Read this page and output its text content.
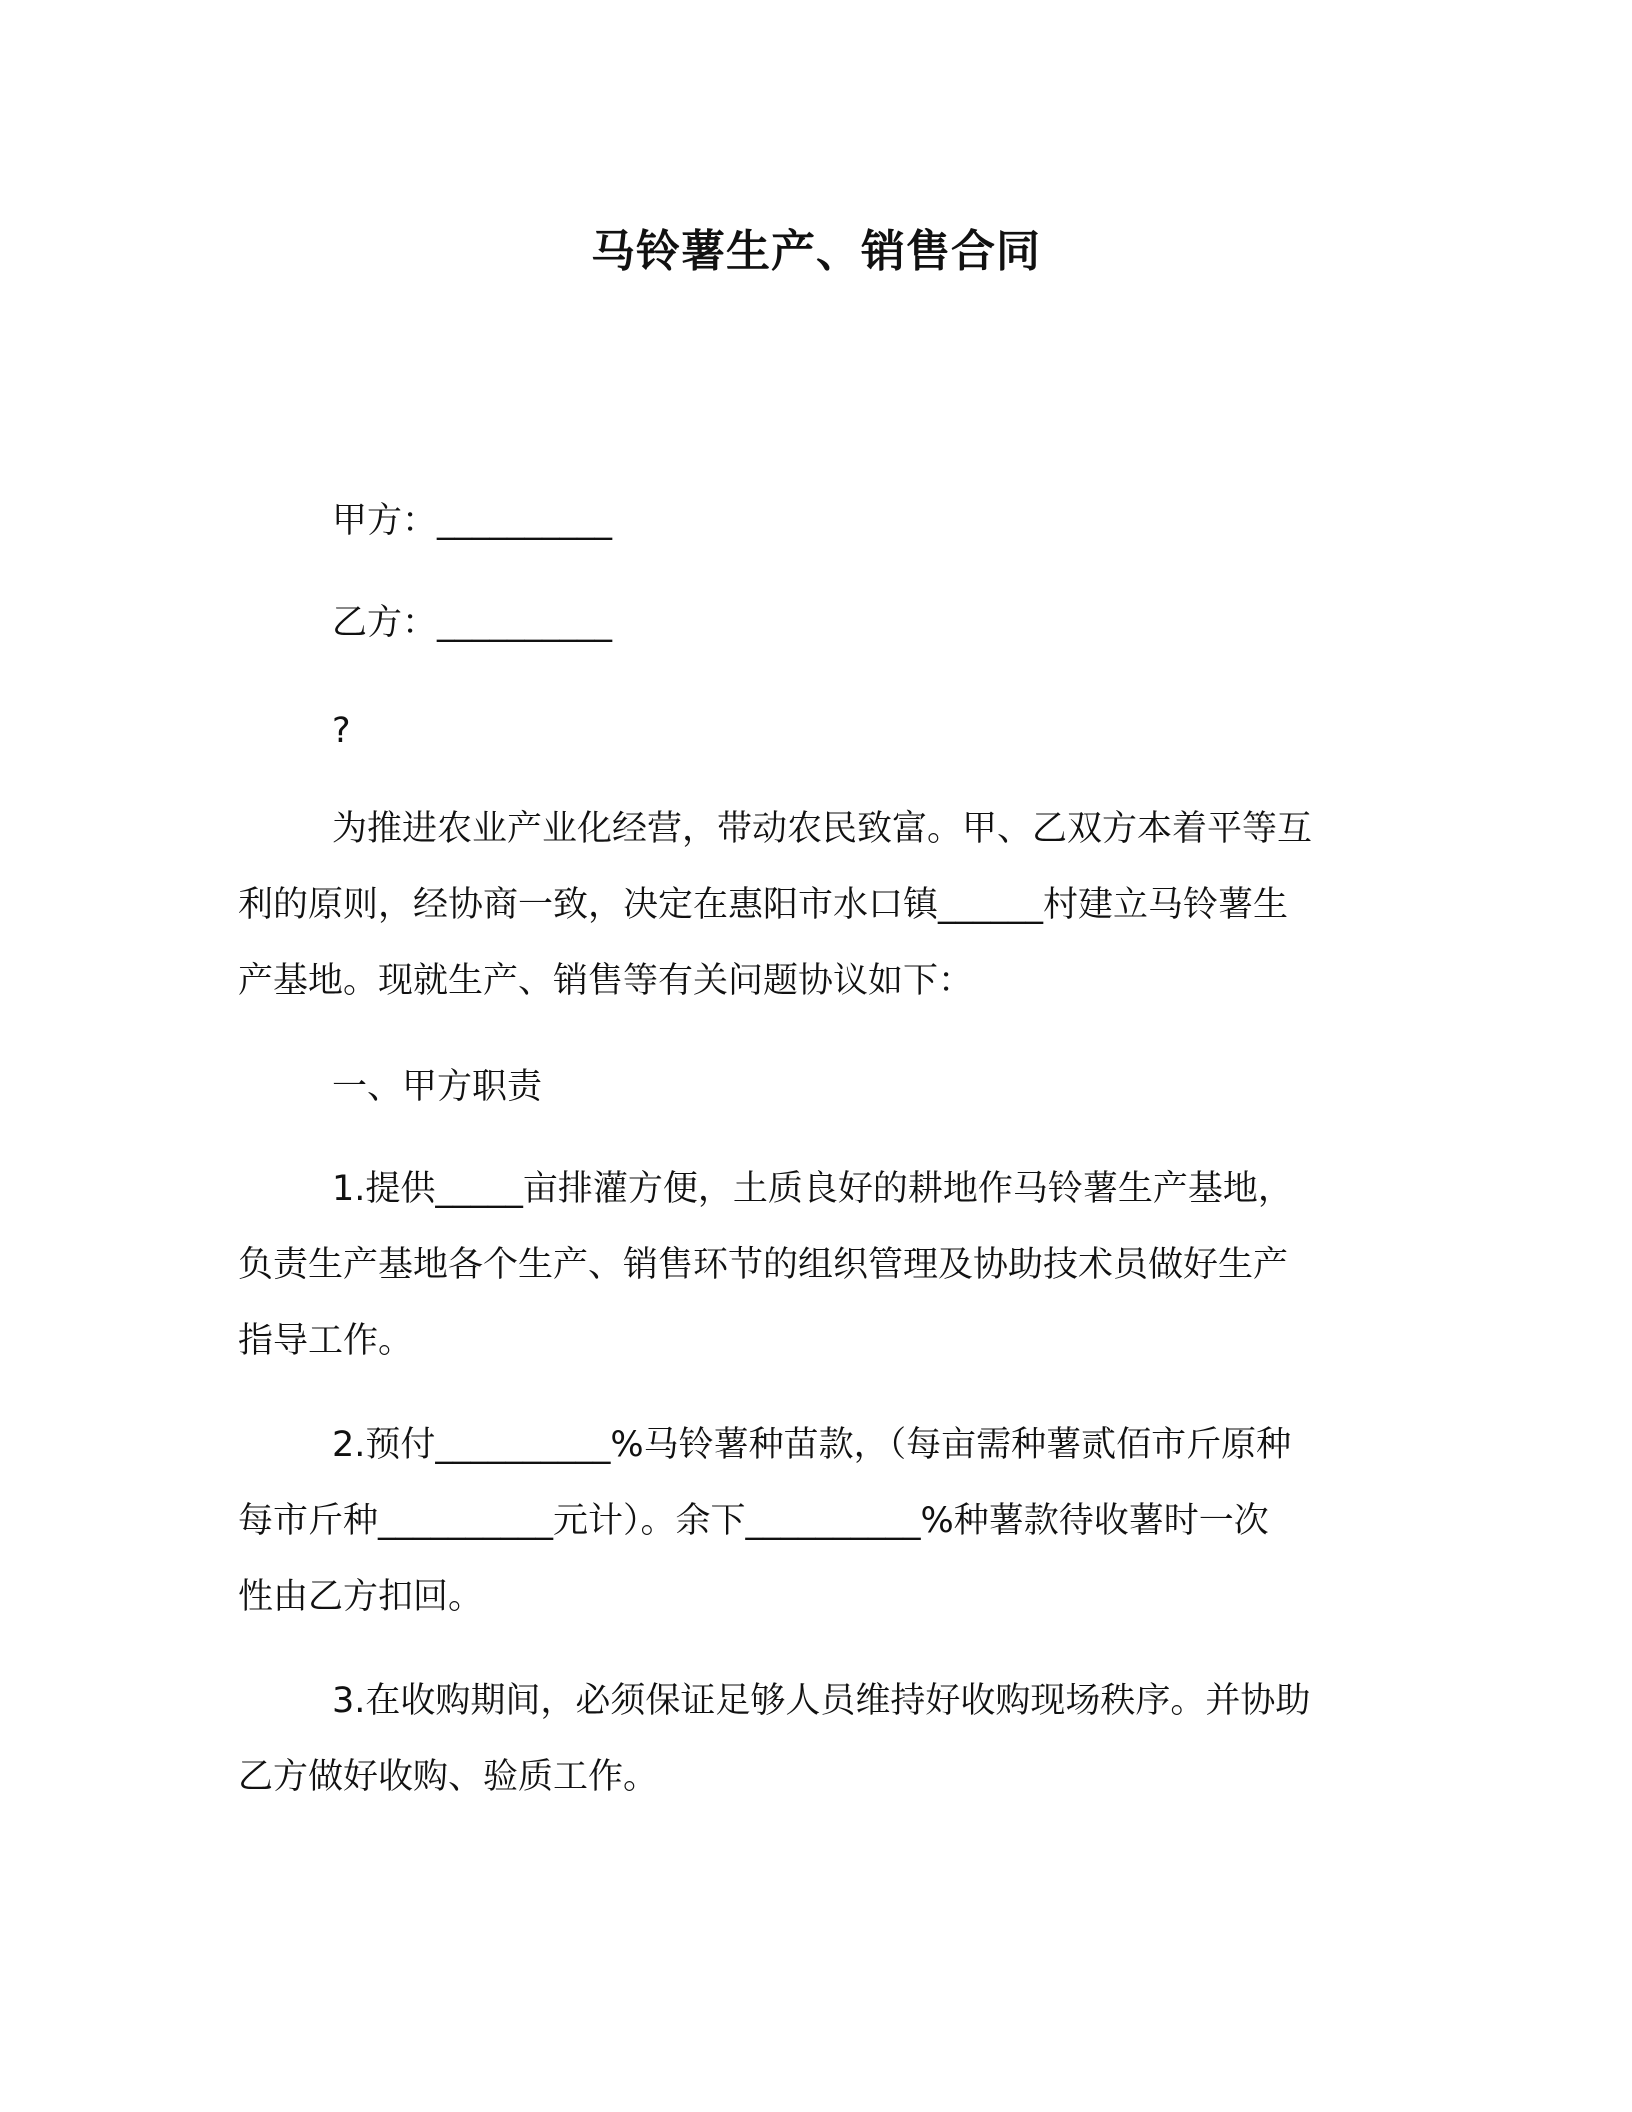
马铃薯生产、销售合同
甲方：__________
乙方：__________
?
为推进农业产业化经营，带动农民致富。甲、乙双方本着平等互
利的原则，经协商一致，决定在惠阳市水口镇______村建立马铃薯生
产基地。现就生产、销售等有关问题协议如下：
一、甲方职责
1.提供_____亩排灌方便，土质良好的耕地作马铃薯生产基地，
负责生产基地各个生产、销售环节的组织管理及协助技术员做好生产
指导工作。
2.预付__________%马铃薯种苗款，（每亩需种薯贰佰市斤原种
每市斤种__________元计）。余下__________%种薯款待收薯时一次
性由乙方扣回。
3.在收购期间，必须保证足够人员维持好收购现场秩序。并协助
乙方做好收购、验质工作。
